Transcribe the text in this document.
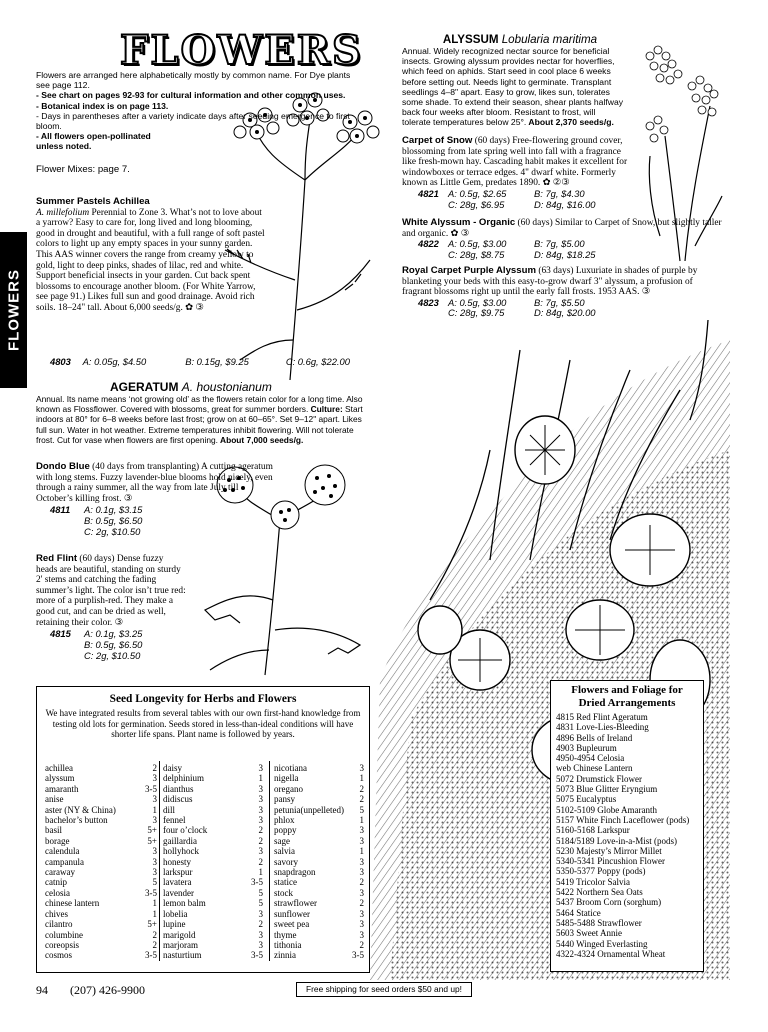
FLOWERS
Flowers are arranged here alphabetically mostly by common name. For Dye plants see page 112.
- See chart on pages 92-93 for cultural information and other common uses.
- Botanical index is on page 113.
- Days in parentheses after a variety indicate days after seeding emergence to first bloom.
- All flowers open-pollinated
unless noted.
Flower Mixes: page 7.
FLOWERS
Summer Pastels Achillea
A. millefolium Perennial to Zone 3. What’s not to love about a yarrow? Easy to care for, long lived and long blooming, good in drought and beautiful, with a full range of soft pastel colors to light up any empty spaces in your sunny garden. This AAS winner covers the range from creamy yellow to gold, light to deep pinks, shades of lilac, red and white. Support beneficial insects in your garden. Cut back spent blossoms to encourage another bloom. (For White Yarrow, see page 91.) Likes full sun and good drainage. Avoid rich soils. 18–24" tall. About 6,000 seeds/g. ✿ ③
4803 A: 0.05g, $4.50	B: 0.15g, $9.25	C: 0.6g, $22.00
AGERATUM A. houstonianum
Annual. Its name means ‘not growing old’ as the flowers retain color for a long time. Also known as Flossflower. Covered with blossoms, great for summer borders. Culture: Start indoors at 80° for 6–8 weeks before last frost; grow on at 60–65°. Set 9–12" apart. Likes full sun. Water in hot weather. Extreme temperatures inhibit flowering. Will not tolerate frost. Cut for vase when flowers are first opening. About 7,000 seeds/g.
Dondo Blue (40 days from transplanting) A cutting ageratum with long stems. Fuzzy lavender-blue blooms hold nicely, even through a rainy summer, all the way from late July till October’s killing frost. ③
4811 A: 0.1g, $3.15
B: 0.5g, $6.50
C: 2g, $10.50
Red Flint (60 days) Dense fuzzy heads are beautiful, standing on sturdy 2' stems and catching the fading summer’s light. The color isn’t true red: more of a purplish-red. They make a good cut, and can be dried as well, retaining their color. ③
4815 A: 0.1g, $3.25
B: 0.5g, $6.50
C: 2g, $10.50
ALYSSUM Lobularia maritima
Annual. Widely recognized nectar source for beneficial insects. Growing alyssum provides nectar for hoverflies, which feed on aphids. Start seed in cool place 6 weeks before setting out. Needs light to germinate. Transplant seedlings 4–8" apart. Easy to grow, likes sun, tolerates some shade. To extend their season, shear plants halfway back four weeks after bloom. Resistant to frost, will tolerate temperatures below 25°. About 2,370 seeds/g.
Carpet of Snow (60 days) Free-flowering ground cover, blossoming from late spring well into fall with a fragrance like fresh-mown hay. Cascading habit makes it excellent for windowboxes or terrace edges. 4" dwarf white. Formerly known as Little Gem, predates 1890. ✿ ②③
4821 A: 0.5g, $2.65	B: 7g, $4.30
C: 28g, $6.95	D: 84g, $16.00
White Alyssum - Organic (60 days) Similar to Carpet of Snow, but slightly taller and organic. ✿ ③
4822 A: 0.5g, $3.00	B: 7g, $5.00
C: 28g, $8.75	D: 84g, $18.25
Royal Carpet Purple Alyssum (63 days) Luxuriate in shades of purple by blanketing your beds with this easy-to-grow dwarf 3" alyssum, a profusion of fragrant blossoms right up until the early fall frosts. 1953 AAS. ③
4823 A: 0.5g, $3.00	B: 7g, $5.50
C: 28g, $9.75	D: 84g, $20.00
Seed Longevity for Herbs and Flowers
We have integrated results from several tables with our own first-hand knowledge from testing old lots for germination. Seeds stored in less-than-ideal conditions will have shorter life spans. Plant name is followed by years.
achillea	2
alyssum	3
amaranth	3-5
anise	3
aster (NY & China)	1
bachelor’s button	3
basil	5+
borage	5+
calendula	3
campanula	3
caraway	3
catnip	5
celosia	3-5
chinese lantern	1
chives	1
cilantro	5+
columbine	2
coreopsis	2
cosmos	3-5
daisy	3
delphinium	1
dianthus	3
didiscus	3
dill	3
fennel	3
four o’clock	2
gaillardia	2
hollyhock	3
honesty	2
larkspur	1
lavatera	3-5
lavender	5
lemon balm	5
lobelia	3
lupine	2
marigold	3
marjoram	3
nasturtium	3-5
nicotiana	3
nigella	1
oregano	2
pansy	2
petunia(unpelleted) 5
phlox	1
poppy	3
sage	3
salvia	1
savory	3
snapdragon	3
statice	2
stock	3
strawflower	2
sunflower	3
sweet pea	3
thyme	3
tithonia	2
zinnia	3-5
Flowers and Foliage for
Dried Arrangements
4815 Red Flint Ageratum
4831 Love-Lies-Bleeding
4896 Bells of Ireland
4903 Bupleurum
4950-4954 Celosia
web Chinese Lantern
5072 Drumstick Flower
5073 Blue Glitter Eryngium
5075 Eucalyptus
5102-5109 Globe Amaranth
5157 White Finch Laceflower (pods)
5160-5168 Larkspur
5184/5189 Love-in-a-Mist (pods)
5230 Majesty’s Mirror Millet
5340-5341 Pincushion Flower
5350-5377 Poppy (pods)
5419 Tricolor Salvia
5422 Northern Sea Oats
5437 Broom Corn (sorghum)
5464 Statice
5485-5488 Strawflower
5603 Sweet Annie
5440 Winged Everlasting
4322-4324 Ornamental Wheat
94 (207) 426-9900	Free shipping for seed orders $50 and up!
